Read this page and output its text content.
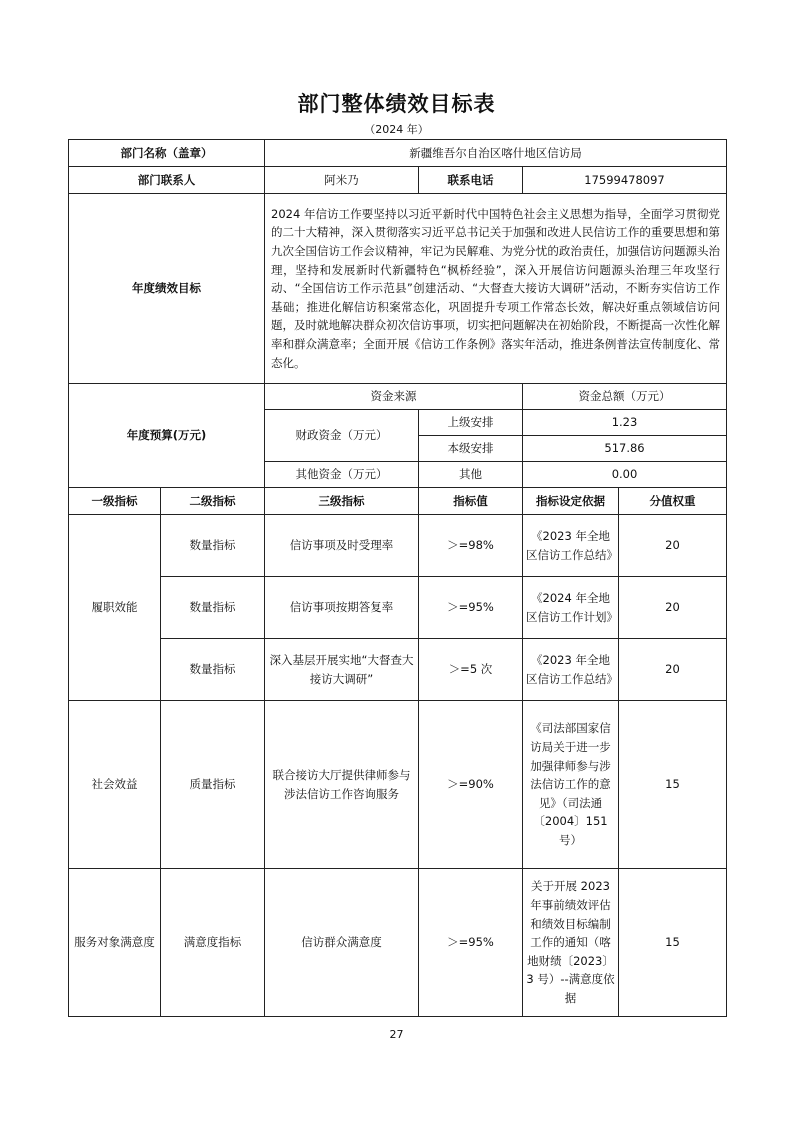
部门整体绩效目标表
（2024 年）
部门名称（盖章）		新疆维吾尔自治区喀什地区信访局			
部门联系人		阿米乃	联系电话	17599478097	
年度绩效目标		2024 年信访工作要坚持以习近平新时代中国特色社会主义思想为指导，全面学习贯彻党的二十大精神，深入贯彻落实习近平总书记关于加强和改进人民信访工作的重要思想和第九次全国信访工作会议精神，牢记为民解难、为党分忧的政治责任，加强信访问题源头治理，坚持和发展新时代新疆特色“枫桥经验”，深入开展信访问题源头治理三年攻坚行动、“全国信访工作示范县”创建活动、“大督查大接访大调研”活动，不断夯实信访工作基础；推进化解信访积案常态化，巩固提升专项工作常态长效，解决好重点领域信访问题，及时就地解决群众初次信访事项，切实把问题解决在初始阶段，不断提高一次性化解率和群众满意率；全面开展《信访工作条例》落实年活动，推进条例普法宣传制度化、常态化。			
年度预算(万元)		资金来源		资金总额（万元）	
		财政资金（万元）	上级安排	1.23	
			本级安排	517.86	
		其他资金（万元）	其他	0.00	
一级指标	二级指标	三级指标	指标值	指标设定依据	分值权重
履职效能	数量指标	信访事项及时受理率	＞=98%	《2023 年全地区信访工作总结》	20
	数量指标	信访事项按期答复率	＞=95%	《2024 年全地区信访工作计划》	20
	数量指标	深入基层开展实地“大督查大接访大调研”	＞=5 次	《2023 年全地区信访工作总结》	20
社会效益	质量指标	联合接访大厅提供律师参与涉法信访工作咨询服务	＞=90%	《司法部国家信访局关于进一步加强律师参与涉法信访工作的意见》（司法通〔2004〕151 号）	15
服务对象满意度	满意度指标	信访群众满意度	＞=95%	关于开展 2023 年事前绩效评估和绩效目标编制工作的通知（喀地财绩〔2023〕3 号）--满意度依据	15
27
